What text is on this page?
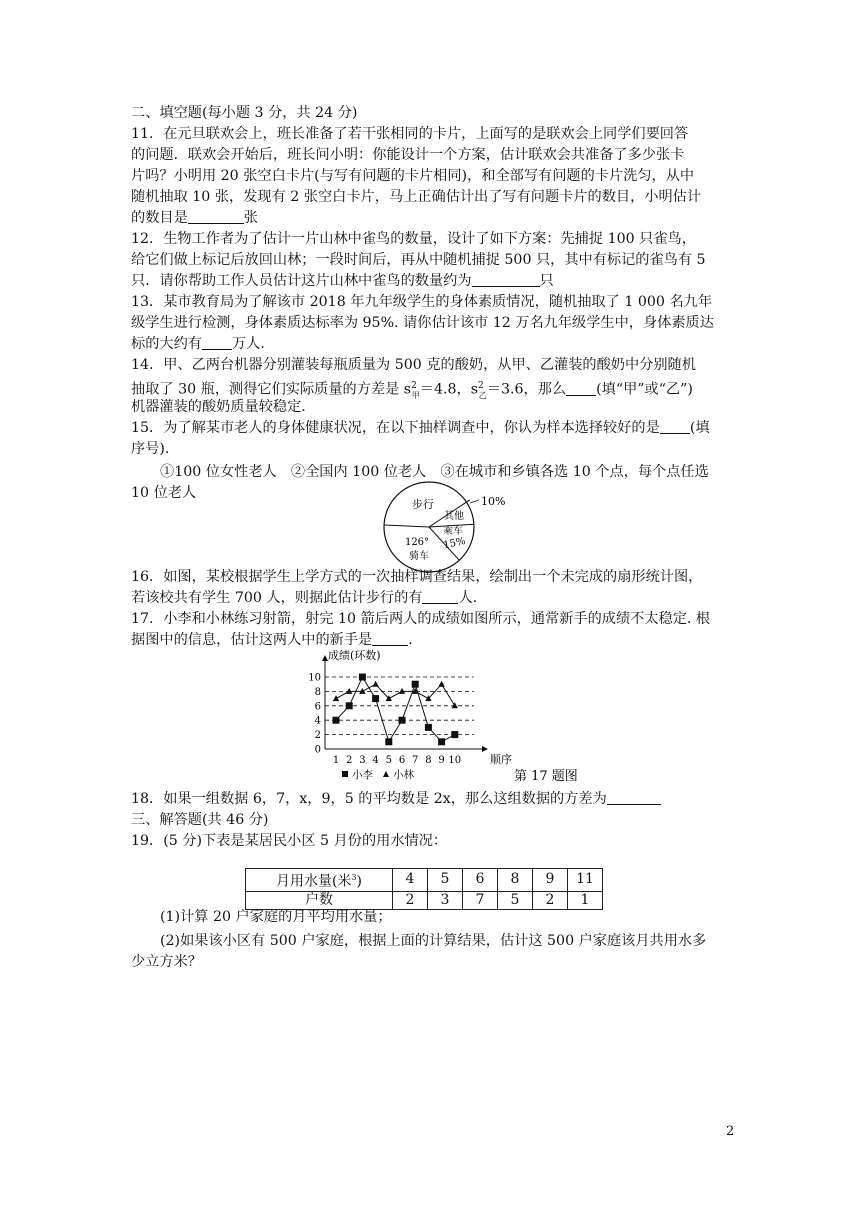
二、填空题(每小题 3 分，共 24 分)
11．在元旦联欢会上，班长准备了若干张相同的卡片，上面写的是联欢会上同学们要回答
的问题．联欢会开始后，班长问小明：你能设计一个方案，估计联欢会共准备了多少张卡
片吗？小明用 20 张空白卡片(与写有问题的卡片相同)，和全部写有问题的卡片洗匀，从中
随机抽取 10 张，发现有 2 张空白卡片，马上正确估计出了写有问题卡片的数目，小明估计
的数目是	张
12．生物工作者为了估计一片山林中雀鸟的数量，设计了如下方案：先捕捉 100 只雀鸟，
给它们做上标记后放回山林；一段时间后，再从中随机捕捉 500 只，其中有标记的雀鸟有 5
只．请你帮助工作人员估计这片山林中雀鸟的数量约为	只
13．某市教育局为了解该市 2018 年九年级学生的身体素质情况，随机抽取了 1 000 名九年
级学生进行检测，身体素质达标率为 95%. 请你估计该市 12 万名九年级学生中，身体素质达
标的大约有 万人.
14．甲、乙两台机器分别灌装每瓶质量为 500 克的酸奶，从甲、乙灌装的酸奶中分别随机
抽取了 30 瓶，测得它们实际质量的方差是 $s^2_甲=4.8$，$s^2_乙=3.6$，那么 (填“甲”或“乙”)
机器灌装的酸奶质量较稳定.
15．为了解某市老人的身体健康状况，在以下抽样调查中，你认为样本选择较好的是 (填
序号).
①100 位女性老人　②全国内 100 位老人　③在城市和乡镇各选 10 个点，每个点任选
10 位老人
步行
其他
乘车
15%
126°
骑车
10%
16．如图，某校根据学生上学方式的一次抽样调查结果，绘制出一个未完成的扇形统计图，
若该校共有学生 700 人，则据此估计步行的有	人.
17．小李和小林练习射箭，射完 10 箭后两人的成绩如图所示，通常新手的成绩不太稳定. 根
据图中的信息，估计这两人中的新手是	.
0
2
4
6
8
10
1 2 3 4 5 6 7 8 9 10
成绩(环数)
顺序
小李 小林	第 17 题图
18．如果一组数据 6，7，x，9，5 的平均数是 2x，那么这组数据的方差为
三、解答题(共 46 分)
19．(5 分)下表是某居民小区 5 月份的用水情况：
月用水量(米$^3$)	4	5	6	8	9	11
户数	2	3	7	5	2	1
(1)计算 20 户家庭的月平均用水量；
(2)如果该小区有 500 户家庭，根据上面的计算结果，估计这 500 户家庭该月共用水多
少立方米？
2
